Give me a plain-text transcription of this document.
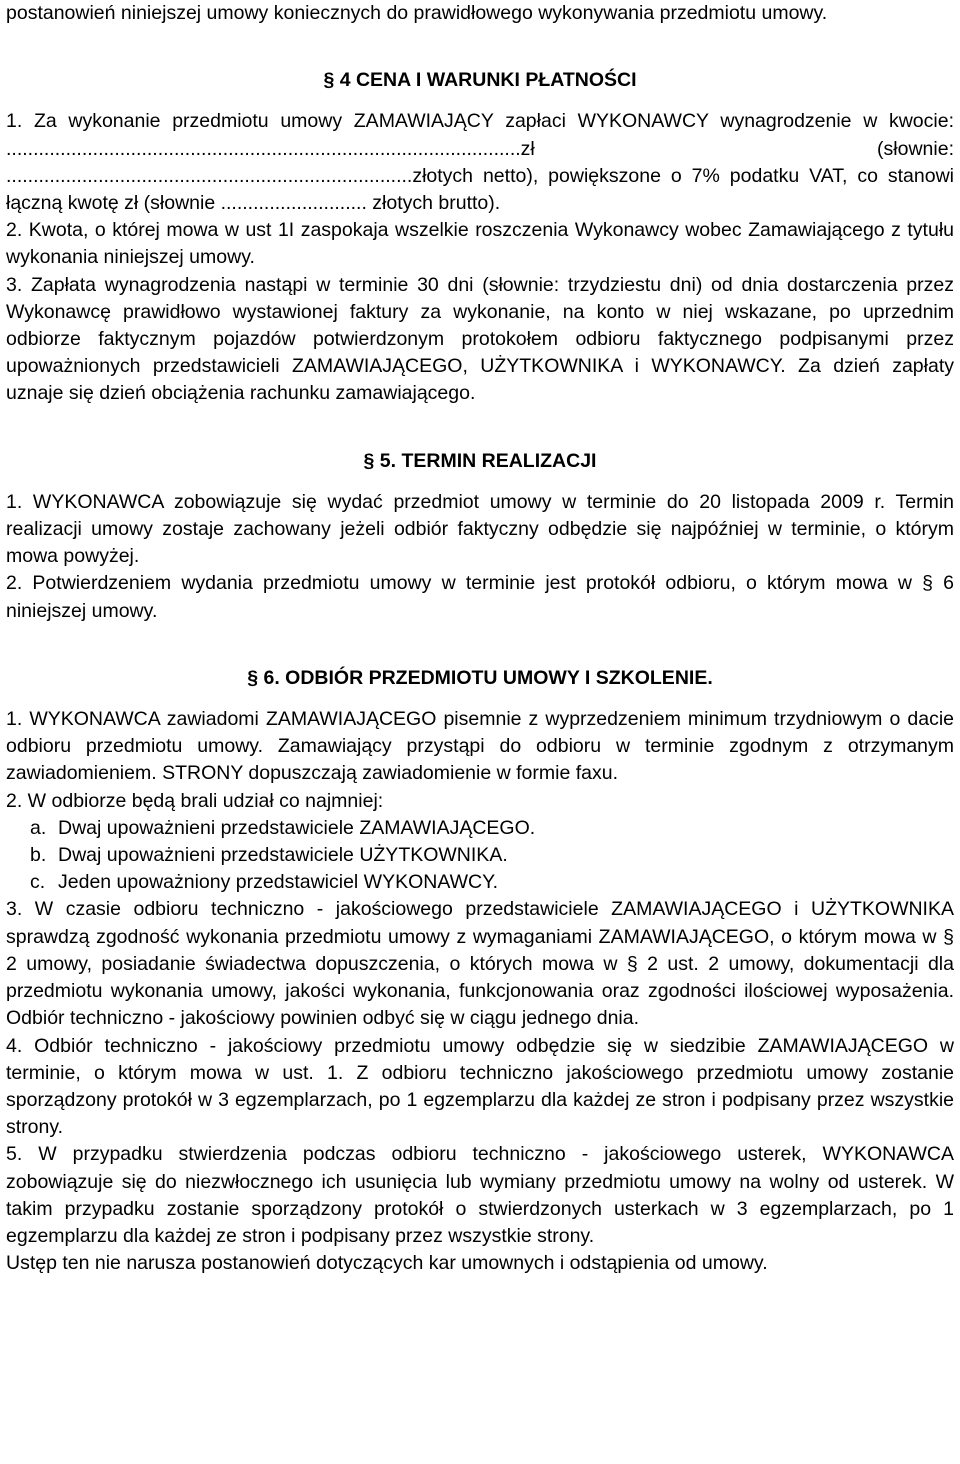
postanowień niniejszej umowy koniecznych do prawidłowego wykonywania przedmiotu umowy.

§ 4 CENA I WARUNKI PŁATNOŚCI

1. Za wykonanie przedmiotu umowy ZAMAWIAJĄCY zapłaci WYKONAWCY wynagrodzenie w kwocie: ...............................................................................................zł (słownie: ...........................................................................złotych netto), powiększone o 7% podatku VAT, co stanowi łączną kwotę zł (słownie ........................... złotych brutto).

2. Kwota, o której mowa w ust 1I zaspokaja wszelkie roszczenia Wykonawcy wobec Zamawiającego z tytułu wykonania niniejszej umowy.

3. Zapłata wynagrodzenia nastąpi w terminie 30 dni (słownie: trzydziestu dni) od dnia dostarczenia przez Wykonawcę prawidłowo wystawionej faktury za wykonanie, na konto w niej wskazane, po uprzednim odbiorze faktycznym pojazdów potwierdzonym protokołem odbioru faktycznego podpisanymi przez upoważnionych przedstawicieli ZAMAWIAJĄCEGO, UŻYTKOWNIKA i WYKONAWCY. Za dzień zapłaty uznaje się dzień obciążenia rachunku zamawiającego.

§ 5. TERMIN REALIZACJI

1. WYKONAWCA zobowiązuje się wydać przedmiot umowy w terminie do 20 listopada 2009 r. Termin realizacji umowy zostaje zachowany jeżeli odbiór faktyczny odbędzie się najpóźniej w terminie, o którym mowa powyżej.

2. Potwierdzeniem wydania przedmiotu umowy w terminie jest protokół odbioru, o którym mowa w § 6 niniejszej umowy.

§ 6. ODBIÓR PRZEDMIOTU UMOWY I SZKOLENIE.

1. WYKONAWCA zawiadomi ZAMAWIAJĄCEGO pisemnie z wyprzedzeniem minimum trzydniowym o dacie odbioru przedmiotu umowy. Zamawiający przystąpi do odbioru w terminie zgodnym z otrzymanym zawiadomieniem. STRONY dopuszczają zawiadomienie w formie faxu.

2. W odbiorze będą brali udział co najmniej:

a. Dwaj upoważnieni przedstawiciele ZAMAWIAJĄCEGO.
b. Dwaj upoważnieni przedstawiciele UŻYTKOWNIKA.
c. Jeden upoważniony przedstawiciel WYKONAWCY.

3. W czasie odbioru techniczno - jakościowego przedstawiciele ZAMAWIAJĄCEGO i UŻYTKOWNIKA sprawdzą zgodność wykonania przedmiotu umowy z wymaganiami ZAMAWIAJĄCEGO, o którym mowa w § 2 umowy, posiadanie świadectwa dopuszczenia, o których mowa w § 2 ust. 2 umowy, dokumentacji dla przedmiotu wykonania umowy, jakości wykonania, funkcjonowania oraz zgodności ilościowej wyposażenia. Odbiór techniczno - jakościowy powinien odbyć się w ciągu jednego dnia.

4. Odbiór techniczno - jakościowy przedmiotu umowy odbędzie się w siedzibie ZAMAWIAJĄCEGO w terminie, o którym mowa w ust. 1. Z odbioru techniczno jakościowego przedmiotu umowy zostanie sporządzony protokół w 3 egzemplarzach, po 1 egzemplarzu dla każdej ze stron i podpisany przez wszystkie strony.

5. W przypadku stwierdzenia podczas odbioru techniczno - jakościowego usterek, WYKONAWCA zobowiązuje się do niezwłocznego ich usunięcia lub wymiany przedmiotu umowy na wolny od usterek. W takim przypadku zostanie sporządzony protokół o stwierdzonych usterkach w 3 egzemplarzach, po 1 egzemplarzu dla każdej ze stron i podpisany przez wszystkie strony.

Ustęp ten nie narusza postanowień dotyczących kar umownych i odstąpienia od umowy.
